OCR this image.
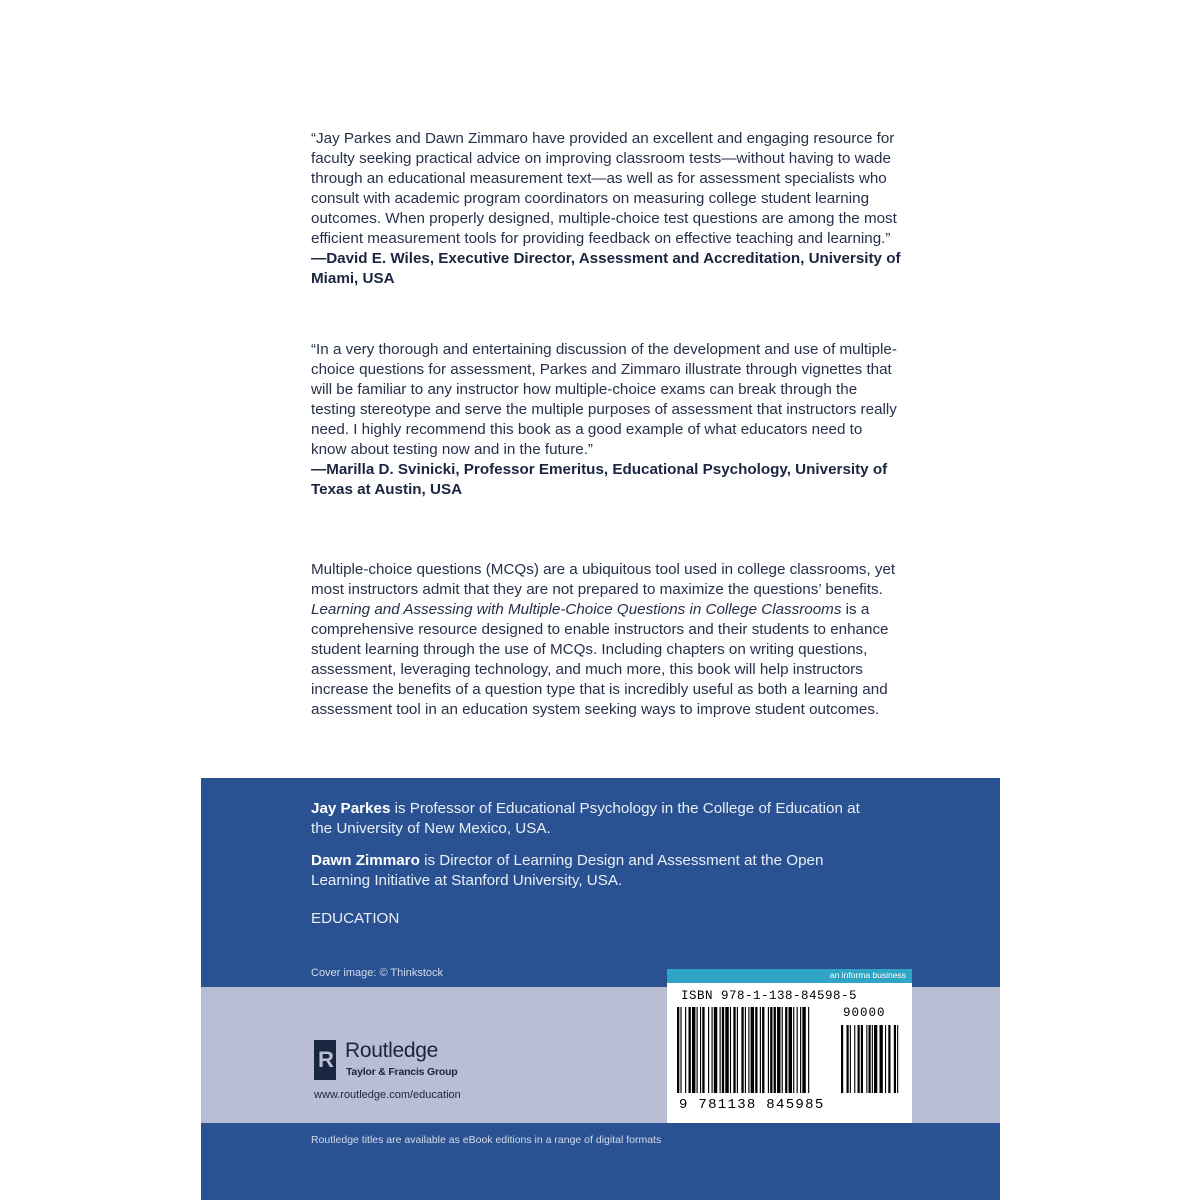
“Jay Parkes and Dawn Zimmaro have provided an excellent and engaging resource for faculty seeking practical advice on improving classroom tests—without having to wade through an educational measurement text—as well as for assessment specialists who consult with academic program coordinators on measuring college student learning outcomes. When properly designed, multiple-choice test questions are among the most efficient measurement tools for providing feedback on effective teaching and learning.”

—David E. Wiles, Executive Director, Assessment and Accreditation, University of Miami, USA

“In a very thorough and entertaining discussion of the development and use of multiple-choice questions for assessment, Parkes and Zimmaro illustrate through vignettes that will be familiar to any instructor how multiple-choice exams can break through the testing stereotype and serve the multiple purposes of assessment that instructors really need. I highly recommend this book as a good example of what educators need to know about testing now and in the future.”

—Marilla D. Svinicki, Professor Emeritus, Educational Psychology, University of Texas at Austin, USA

Multiple-choice questions (MCQs) are a ubiquitous tool used in college classrooms, yet most instructors admit that they are not prepared to maximize the questions’ benefits. Learning and Assessing with Multiple-Choice Questions in College Classrooms is a comprehensive resource designed to enable instructors and their students to enhance student learning through the use of MCQs. Including chapters on writing questions, assessment, leveraging technology, and much more, this book will help instructors increase the benefits of a question type that is incredibly useful as both a learning and assessment tool in an education system seeking ways to improve student outcomes.

Jay Parkes is Professor of Educational Psychology in the College of Education at the University of New Mexico, USA.
Dawn Zimmaro is Director of Learning Design and Assessment at the Open Learning Initiative at Stanford University, USA.
EDUCATION
Cover image: © Thinkstock
R Routledge
Taylor & Francis Group
www.routledge.com/education
an informa business
ISBN 978-1-138-84598-5
90000
9 781138 845985
Routledge titles are available as eBook editions in a range of digital formats
